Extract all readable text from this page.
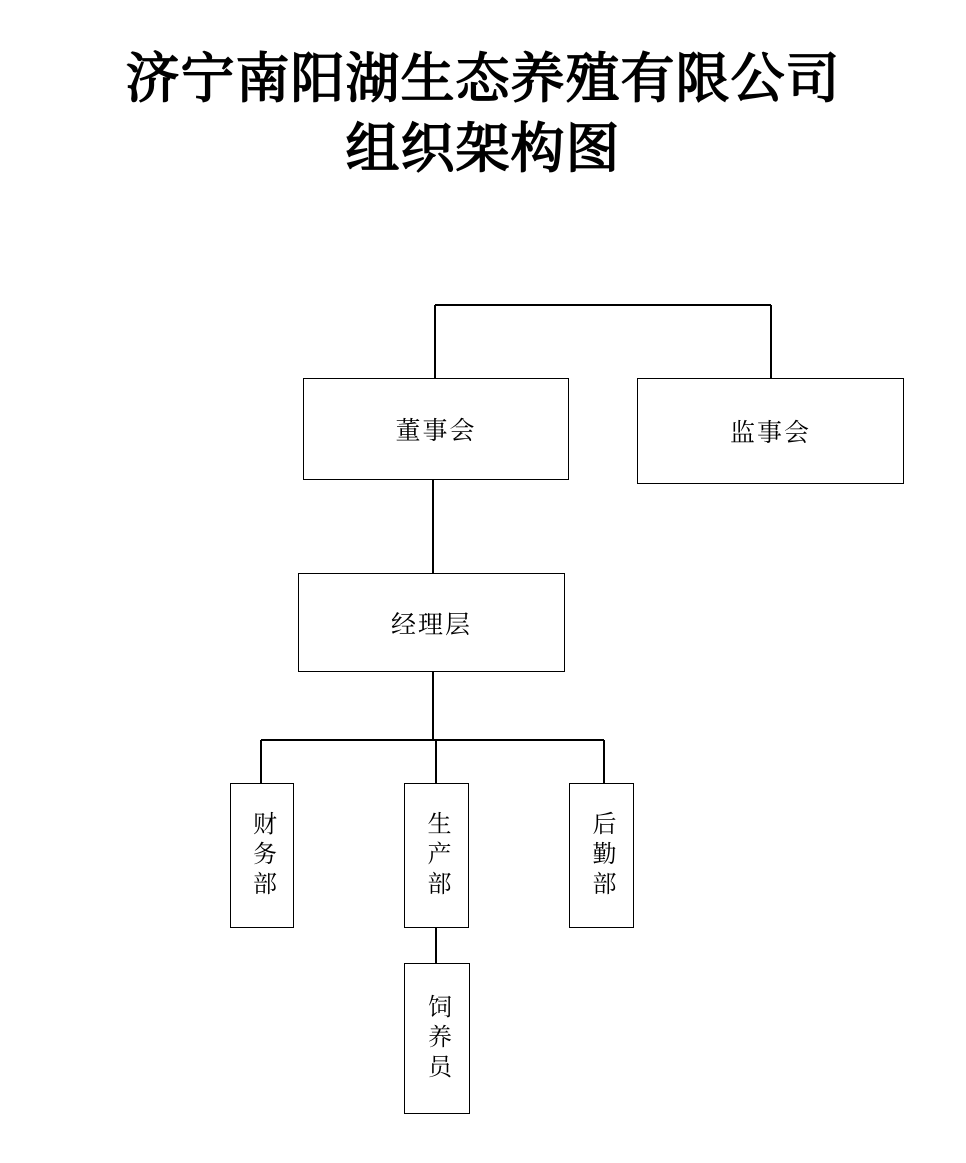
济宁南阳湖生态养殖有限公司
组织架构图
董事会	监事会
经理层
财务部	生产部	后勤部
饲养员
